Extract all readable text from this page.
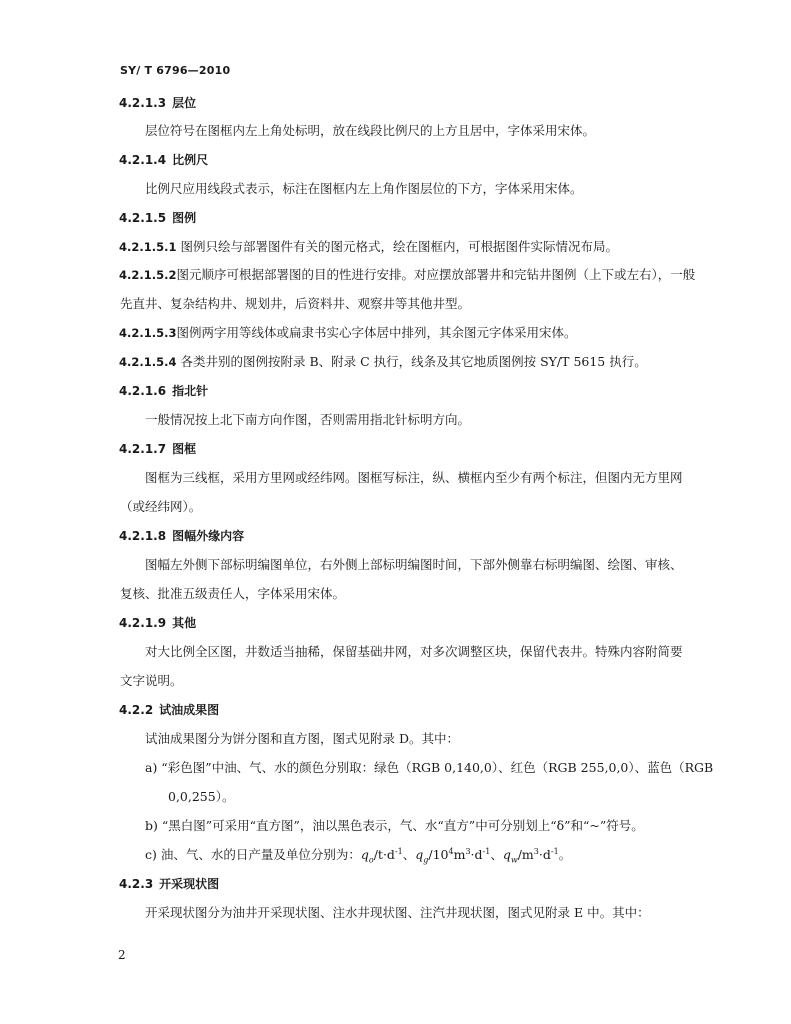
SY/ T 6796—2010
4.2.1.3 层位
层位符号在图框内左上角处标明，放在线段比例尺的上方且居中，字体采用宋体。
4.2.1.4 比例尺
比例尺应用线段式表示，标注在图框内左上角作图层位的下方，字体采用宋体。
4.2.1.5 图例
4.2.1.5.1 图例只绘与部署图件有关的图元格式，绘在图框内，可根据图件实际情况布局。
4.2.1.5.2图元顺序可根据部署图的目的性进行安排。对应摆放部署井和完钻井图例（上下或左右），一般
先直井、复杂结构井、规划井，后资料井、观察井等其他井型。
4.2.1.5.3图例两字用等线体或扁隶书实心字体居中排列，其余图元字体采用宋体。
4.2.1.5.4 各类井别的图例按附录 B、附录 C 执行，线条及其它地质图例按 SY/T 5615 执行。
4.2.1.6 指北针
一般情况按上北下南方向作图，否则需用指北针标明方向。
4.2.1.7 图框
图框为三线框，采用方里网或经纬网。图框写标注，纵、横框内至少有两个标注，但图内无方里网
（或经纬网）。
4.2.1.8 图幅外缘内容
图幅左外侧下部标明编图单位，右外侧上部标明编图时间，下部外侧靠右标明编图、绘图、审核、
复核、批准五级责任人，字体采用宋体。
4.2.1.9 其他
对大比例全区图，井数适当抽稀，保留基础井网，对多次调整区块，保留代表井。特殊内容附简要
文字说明。
4.2.2 试油成果图
试油成果图分为饼分图和直方图，图式见附录 D。其中：
a) “彩色图”中油、气、水的颜色分别取：绿色（RGB 0,140,0）、红色（RGB 255,0,0）、蓝色（RGB
0,0,255）。
b) “黑白图”可采用“直方图”，油以黑色表示，气、水“直方”中可分别划上“δ”和“~”符号。
c) 油、气、水的日产量及单位分别为：$q_o/t\cdot d^{-1}$、$q_g/10^4m^3\cdot d^{-1}$、$q_w/m^3\cdot d^{-1}$。
4.2.3 开采现状图
开采现状图分为油井开采现状图、注水井现状图、注汽井现状图，图式见附录 E 中。其中：
2
